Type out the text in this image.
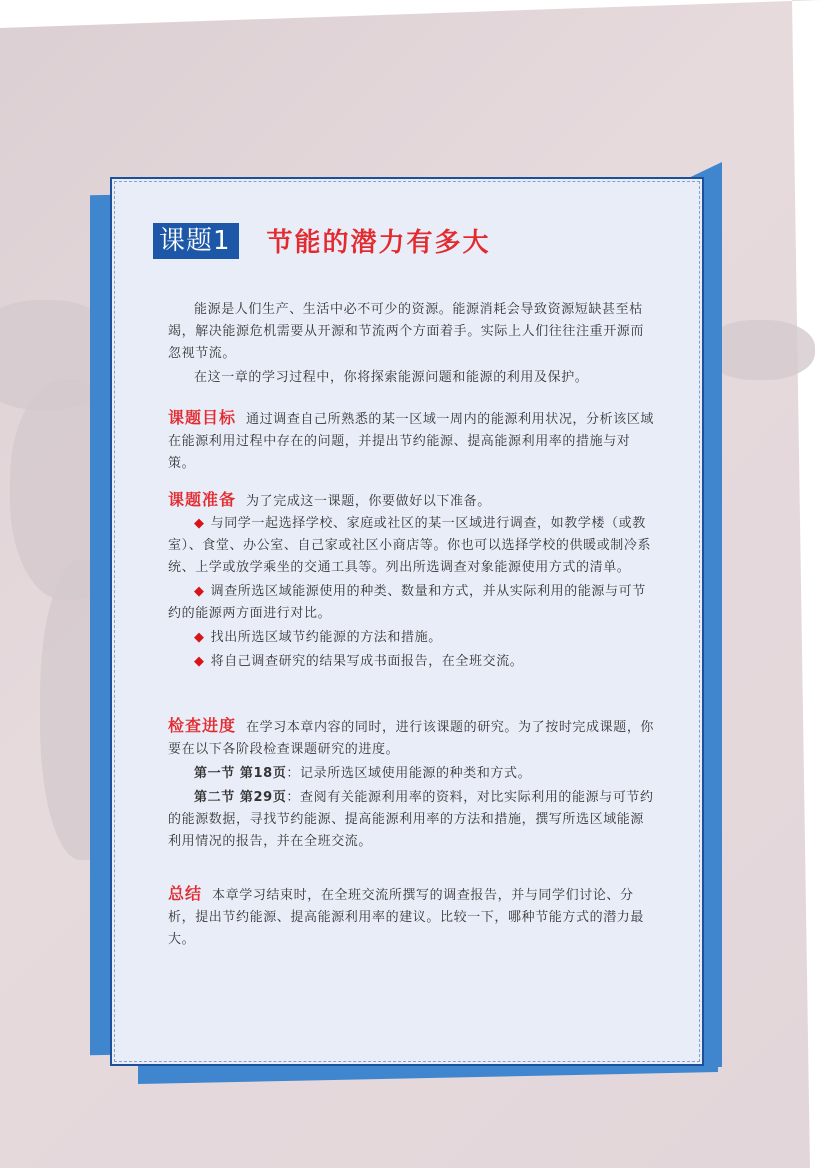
课题1	节能的潜力有多大

能源是人们生产、生活中必不可少的资源。能源消耗会导致资源短缺甚至枯竭，解决能源危机需要从开源和节流两个方面着手。实际上人们往往注重开源而忽视节流。

在这一章的学习过程中，你将探索能源问题和能源的利用及保护。

课题目标 通过调查自己所熟悉的某一区域一周内的能源利用状况，分析该区域在能源利用过程中存在的问题，并提出节约能源、提高能源利用率的措施与对策。

课题准备 为了完成这一课题，你要做好以下准备。

◆ 与同学一起选择学校、家庭或社区的某一区域进行调查，如教学楼（或教室）、食堂、办公室、自己家或社区小商店等。你也可以选择学校的供暖或制冷系统、上学或放学乘坐的交通工具等。列出所选调查对象能源使用方式的清单。

◆ 调查所选区域能源使用的种类、数量和方式，并从实际利用的能源与可节约的能源两方面进行对比。

◆ 找出所选区域节约能源的方法和措施。

◆ 将自己调查研究的结果写成书面报告，在全班交流。

检查进度 在学习本章内容的同时，进行该课题的研究。为了按时完成课题，你要在以下各阶段检查课题研究的进度。

第一节 第18页：记录所选区域使用能源的种类和方式。

第二节 第29页：查阅有关能源利用率的资料，对比实际利用的能源与可节约的能源数据，寻找节约能源、提高能源利用率的方法和措施，撰写所选区域能源利用情况的报告，并在全班交流。

总结 本章学习结束时，在全班交流所撰写的调查报告，并与同学们讨论、分析，提出节约能源、提高能源利用率的建议。比较一下，哪种节能方式的潜力最大。
